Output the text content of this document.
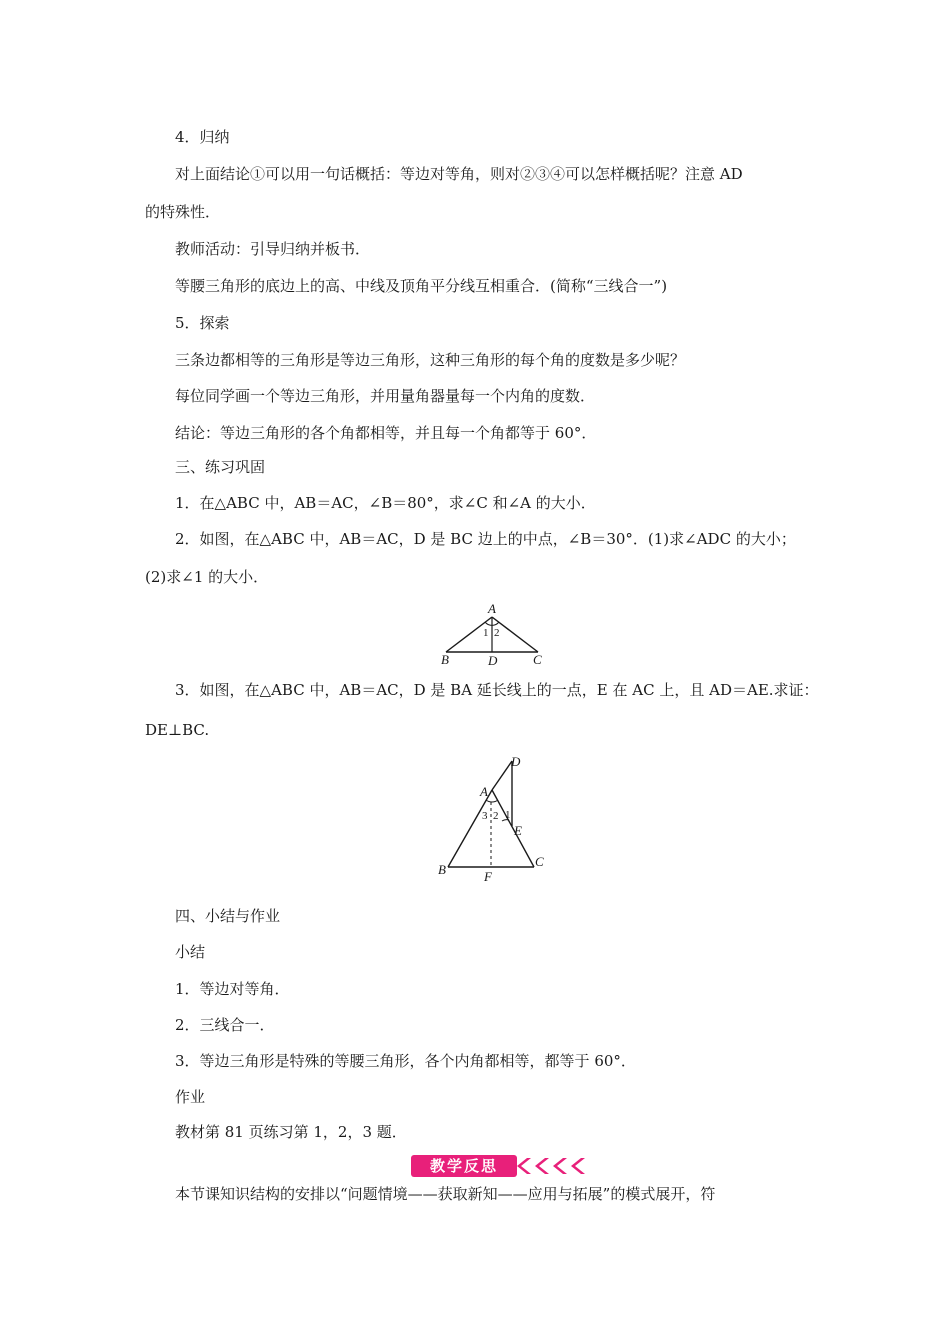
4．归纳
对上面结论①可以用一句话概括：等边对等角，则对②③④可以怎样概括呢？注意 AD
的特殊性．
教师活动：引导归纳并板书．
等腰三角形的底边上的高、中线及顶角平分线互相重合．(简称“三线合一”)
5．探索
三条边都相等的三角形是等边三角形，这种三角形的每个角的度数是多少呢？
每位同学画一个等边三角形，并用量角器量每一个内角的度数．
结论：等边三角形的各个角都相等，并且每一个角都等于 60°．
三、练习巩固
1．在△ABC 中，AB＝AC，∠B＝80°，求∠C 和∠A 的大小．
2．如图，在△ABC 中，AB＝AC，D 是 BC 边上的中点，∠B＝30°．(1)求∠ADC 的大小；
(2)求∠1 的大小．
A
B	D	C
1 2
3．如图，在△ABC 中，AB＝AC，D 是 BA 延长线上的一点，E 在 AC 上，且 AD＝AE.求证：
DE⊥BC.
D
A
E
B	F
C
3 2 1
四、小结与作业
小结
1．等边对等角．
2．三线合一．
3．等边三角形是特殊的等腰三角形，各个内角都相等，都等于 60°．
作业
教材第 81 页练习第 1，2，3 题．
教学反思
本节课知识结构的安排以“问题情境——获取新知——应用与拓展”的模式展开，符
